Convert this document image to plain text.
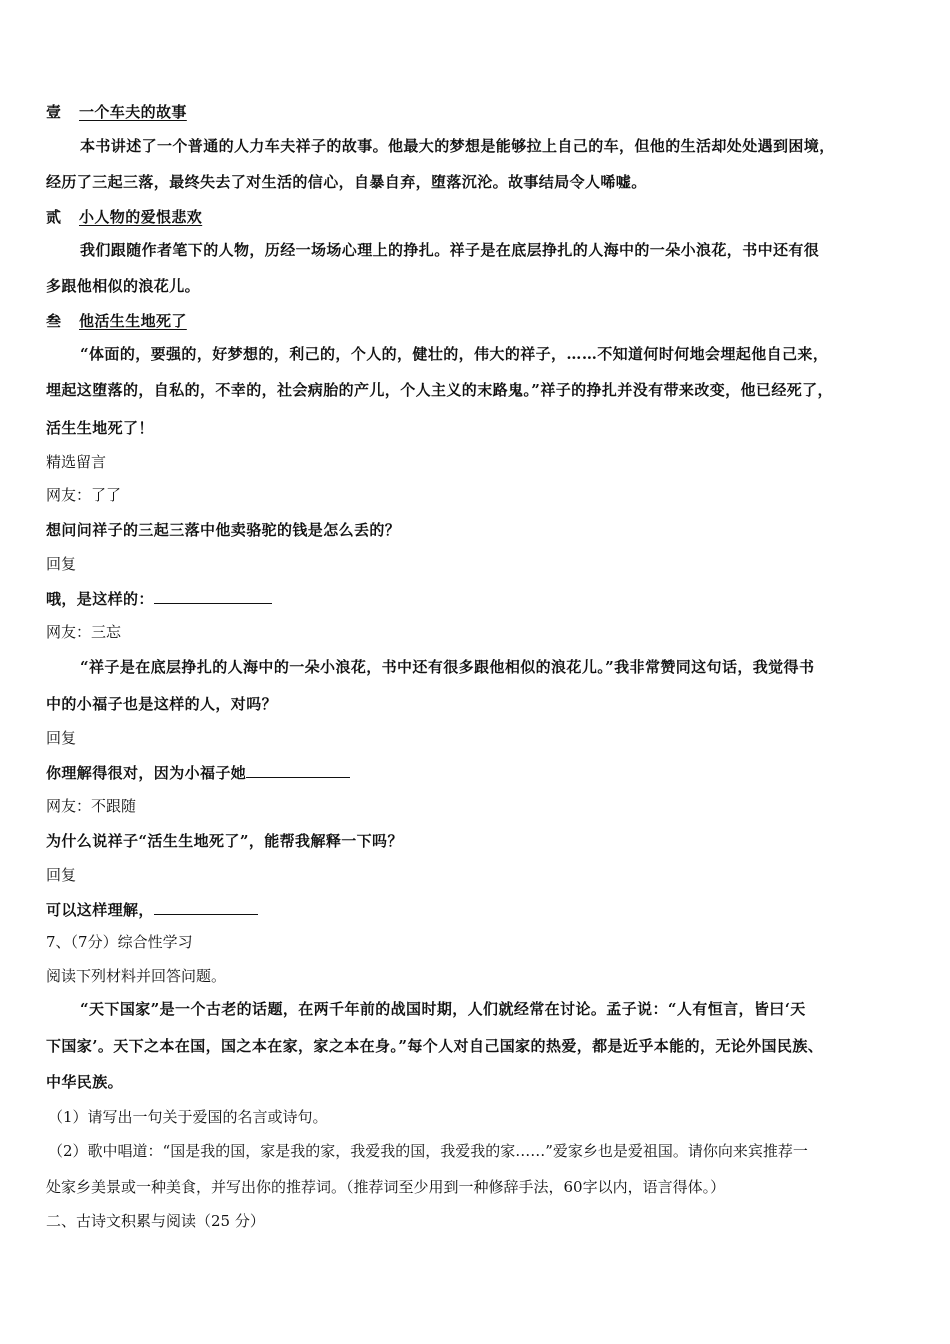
壹 一个车夫的故事
本书讲述了一个普通的人力车夫祥子的故事。他最大的梦想是能够拉上自己的车，但他的生活却处处遇到困境，
经历了三起三落，最终失去了对生活的信心，自暴自弃，堕落沉沦。故事结局令人唏嘘。
贰 小人物的爱恨悲欢
我们跟随作者笔下的人物，历经一场场心理上的挣扎。祥子是在底层挣扎的人海中的一朵小浪花，书中还有很
多跟他相似的浪花儿。
叁 他活生生地死了
“体面的，要强的，好梦想的，利己的，个人的，健壮的，伟大的祥子，……不知道何时何地会埋起他自己来，
埋起这堕落的，自私的，不幸的，社会病胎的产儿，个人主义的末路鬼。”祥子的挣扎并没有带来改变，他已经死了，
活生生地死了！
精选留言
网友：了了
想问问祥子的三起三落中他卖骆驼的钱是怎么丢的？
回复
哦，是这样的：
网友：三忘
“祥子是在底层挣扎的人海中的一朵小浪花，书中还有很多跟他相似的浪花儿。”我非常赞同这句话，我觉得书
中的小福子也是这样的人，对吗？
回复
你理解得很对，因为小福子她
网友：不跟随
为什么说祥子“活生生地死了”，能帮我解释一下吗？
回复
可以这样理解，
7、（7分）综合性学习
阅读下列材料并回答问题。
“天下国家”是一个古老的话题，在两千年前的战国时期，人们就经常在讨论。孟子说：“人有恒言，皆曰‘天
下国家’。天下之本在国，国之本在家，家之本在身。”每个人对自己国家的热爱，都是近乎本能的，无论外国民族、
中华民族。
（1）请写出一句关于爱国的名言或诗句。
（2）歌中唱道：“国是我的国，家是我的家，我爱我的国，我爱我的家……”爱家乡也是爱祖国。请你向来宾推荐一
处家乡美景或一种美食，并写出你的推荐词。（推荐词至少用到一种修辞手法，60字以内，语言得体。）
二、古诗文积累与阅读（25 分）
